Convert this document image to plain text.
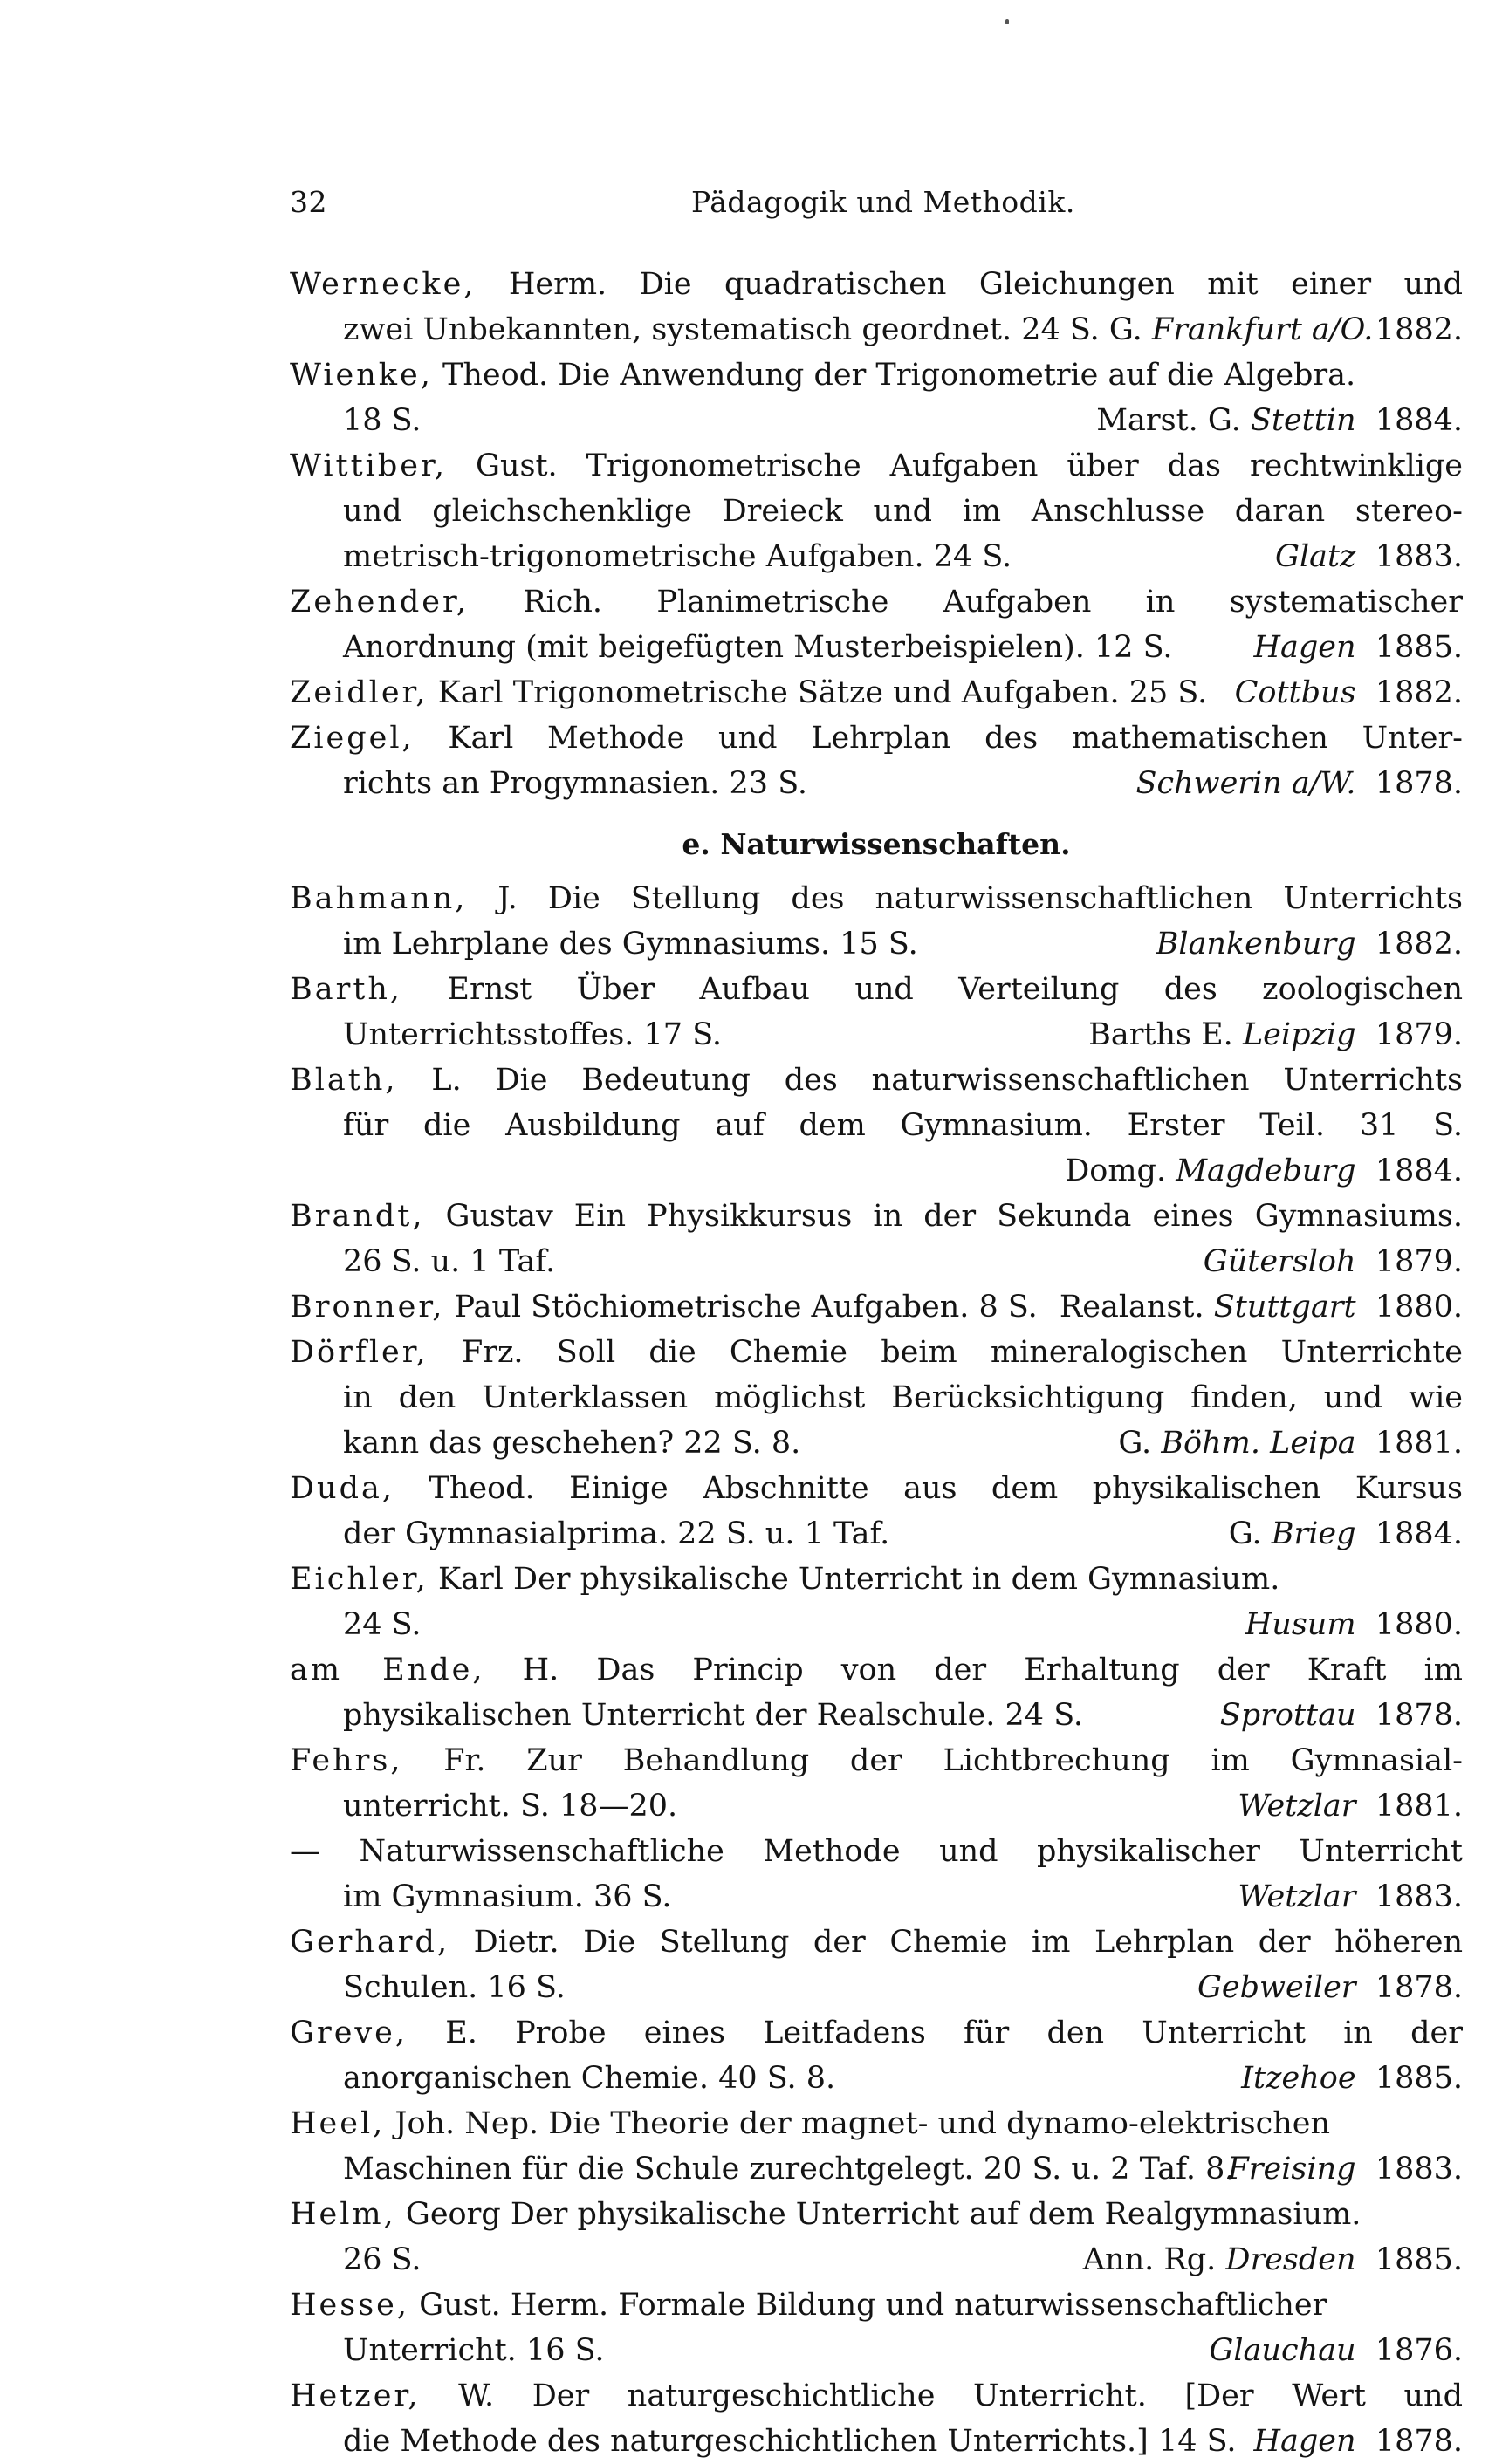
32	Pädagogik und Methodik.
Wernecke, Herm. Die quadratischen Gleichungen mit einer und
zwei Unbekannten, systematisch geordnet. 24 S. G. Frankfurt a/O. 1882.
Wienke, Theod. Die Anwendung der Trigonometrie auf die Algebra.
18 S.	Marst. G. Stettin 1884.
Wittiber, Gust. Trigonometrische Aufgaben über das rechtwinklige
und gleichschenklige Dreieck und im Anschlusse daran stereo-
metrisch-trigonometrische Aufgaben. 24 S.	Glatz 1883.
Zehender, Rich. Planimetrische Aufgaben in systematischer
Anordnung (mit beigefügten Musterbeispielen). 12 S.	Hagen 1885.
Zeidler, Karl Trigonometrische Sätze und Aufgaben. 25 S. Cottbus 1882.
Ziegel, Karl Methode und Lehrplan des mathematischen Unter-
richts an Progymnasien. 23 S.	Schwerin a/W. 1878.
e. Naturwissenschaften.
Bahmann, J. Die Stellung des naturwissenschaftlichen Unterrichts
im Lehrplane des Gymnasiums. 15 S.	Blankenburg 1882.
Barth, Ernst Über Aufbau und Verteilung des zoologischen
Unterrichtsstoffes. 17 S.	Barths E. Leipzig 1879.
Blath, L. Die Bedeutung des naturwissenschaftlichen Unterrichts
für die Ausbildung auf dem Gymnasium. Erster Teil. 31 S.
Domg. Magdeburg 1884.
Brandt, Gustav Ein Physikkursus in der Sekunda eines Gymnasiums.
26 S. u. 1 Taf.	Gütersloh 1879.
Bronner, Paul Stöchiometrische Aufgaben. 8 S. Realanst. Stuttgart 1880.
Dörfler, Frz. Soll die Chemie beim mineralogischen Unterrichte
in den Unterklassen möglichst Berücksichtigung finden, und wie
kann das geschehen? 22 S. 8.	G. Böhm. Leipa 1881.
Duda, Theod. Einige Abschnitte aus dem physikalischen Kursus
der Gymnasialprima. 22 S. u. 1 Taf.	G. Brieg 1884.
Eichler, Karl Der physikalische Unterricht in dem Gymnasium.
24 S.	Husum 1880.
am Ende, H. Das Princip von der Erhaltung der Kraft im
physikalischen Unterricht der Realschule. 24 S.	Sprottau 1878.
Fehrs, Fr. Zur Behandlung der Lichtbrechung im Gymnasial-
unterricht. S. 18—20.	Wetzlar 1881.
— Naturwissenschaftliche Methode und physikalischer Unterricht
im Gymnasium. 36 S.	Wetzlar 1883.
Gerhard, Dietr. Die Stellung der Chemie im Lehrplan der höheren
Schulen. 16 S.	Gebweiler 1878.
Greve, E. Probe eines Leitfadens für den Unterricht in der
anorganischen Chemie. 40 S. 8.	Itzehoe 1885.
Heel, Joh. Nep. Die Theorie der magnet- und dynamo-elektrischen
Maschinen für die Schule zurechtgelegt. 20 S. u. 2 Taf. 8.
Freising 1883.
Helm, Georg Der physikalische Unterricht auf dem Realgymnasium.
26 S.	Ann. Rg. Dresden 1885.
Hesse, Gust. Herm. Formale Bildung und naturwissenschaftlicher
Unterricht. 16 S.	Glauchau 1876.
Hetzer, W. Der naturgeschichtliche Unterricht. [Der Wert und
die Methode des naturgeschichtlichen Unterrichts.] 14 S. Hagen 1878.
